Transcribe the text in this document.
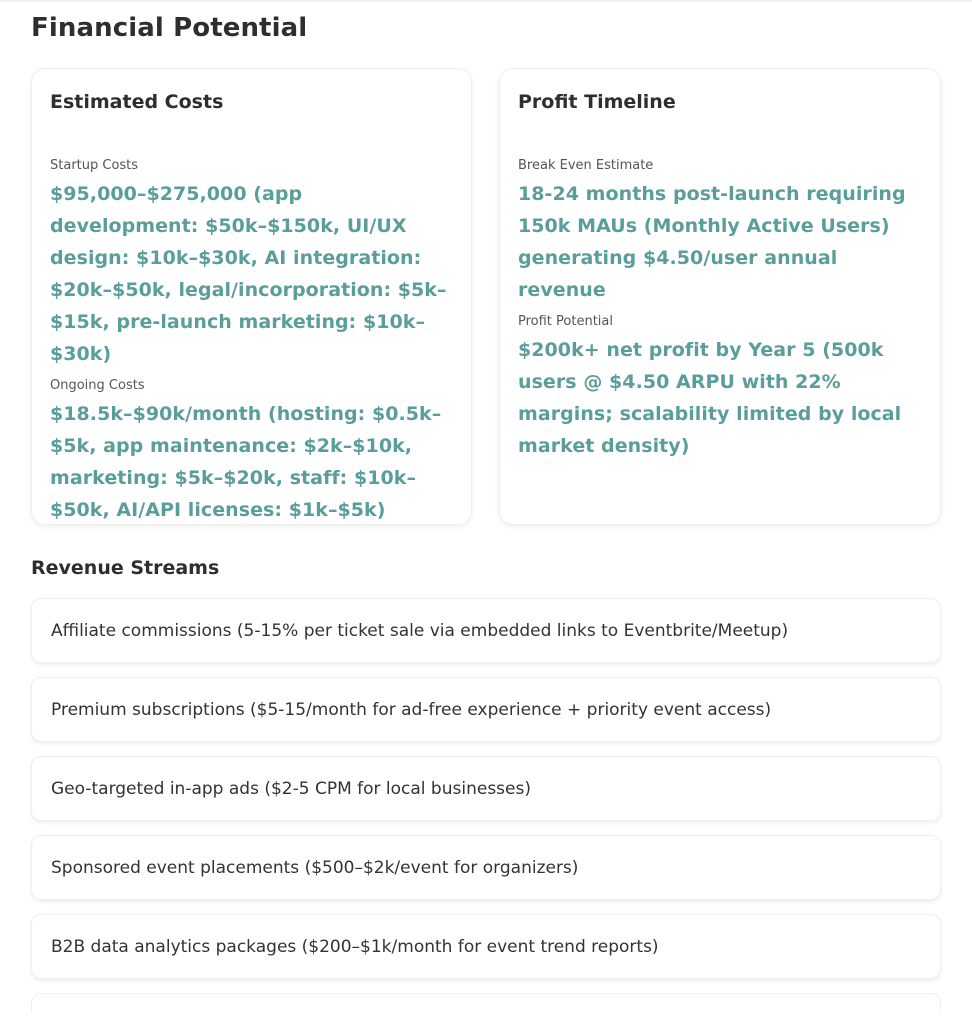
Financial Potential
Estimated Costs
Startup Costs
$95,000–$275,000 (app development: $50k–$150k, UI/UX design: $10k–$30k, AI integration: $20k–$50k, legal/incorporation: $5k–$15k, pre-launch marketing: $10k–$30k)
Ongoing Costs
$18.5k–$90k/month (hosting: $0.5k–$5k, app maintenance: $2k–$10k, marketing: $5k–$20k, staff: $10k–$50k, AI/API licenses: $1k–$5k)
Profit Timeline
Break Even Estimate
18-24 months post-launch requiring 150k MAUs (Monthly Active Users) generating $4.50/user annual revenue
Profit Potential
$200k+ net profit by Year 5 (500k users @ $4.50 ARPU with 22% margins; scalability limited by local market density)
Revenue Streams
Affiliate commissions (5-15% per ticket sale via embedded links to Eventbrite/Meetup)
Premium subscriptions ($5-15/month for ad-free experience + priority event access)
Geo-targeted in-app ads ($2-5 CPM for local businesses)
Sponsored event placements ($500–$2k/event for organizers)
B2B data analytics packages ($200–$1k/month for event trend reports)
